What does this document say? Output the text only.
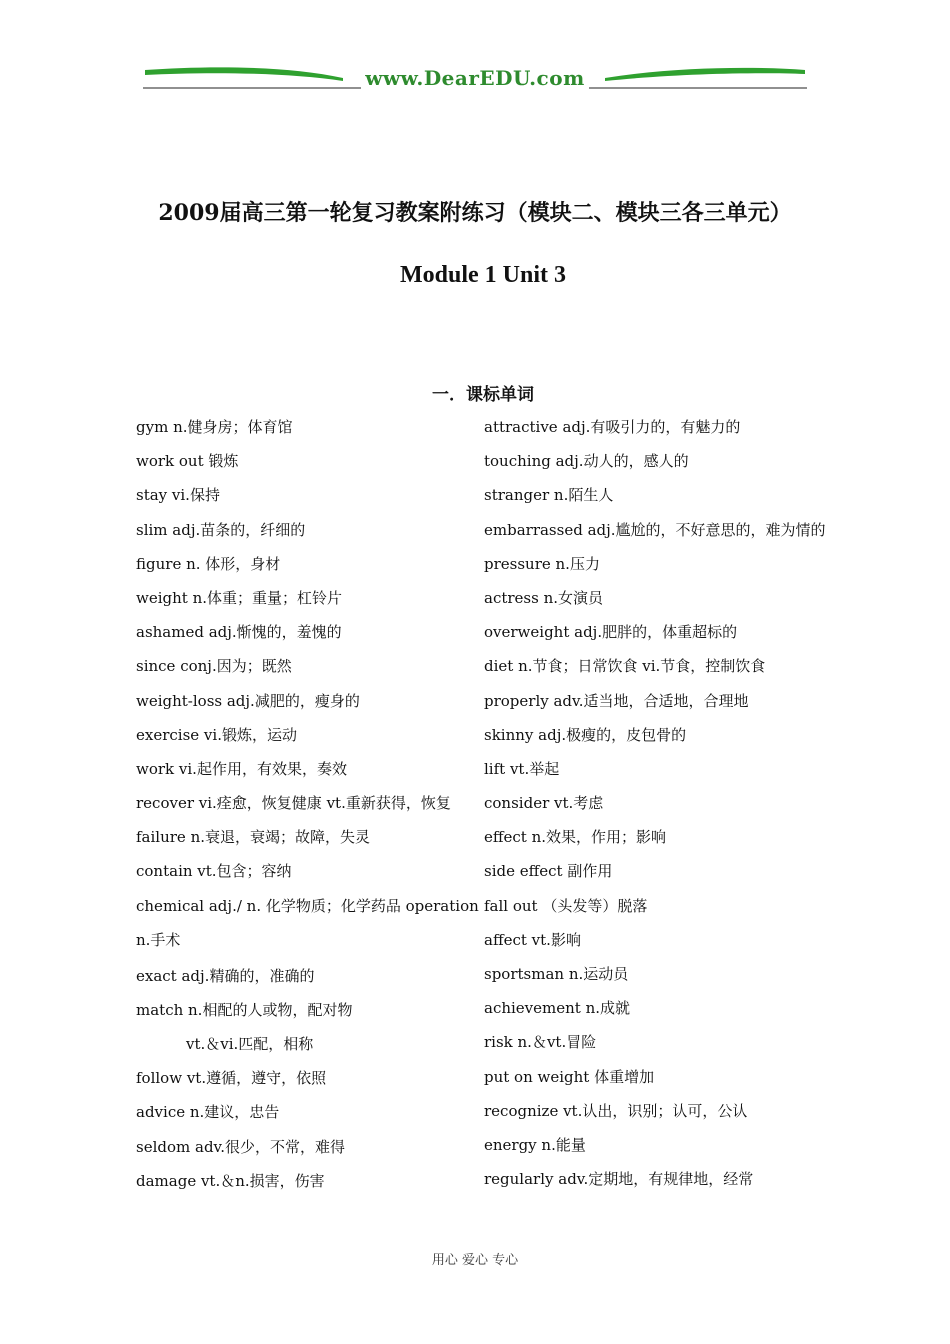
www.DearEDU.com
2009届高三第一轮复习教案附练习（模块二、模块三各三单元）
Module 1 Unit 3
一．课标单词
gym n.健身房；体育馆
work out 锻炼
stay vi.保持
slim adj.苗条的，纤细的
figure n. 体形，身材
weight n.体重；重量；杠铃片
ashamed adj.惭愧的，羞愧的
since conj.因为；既然
weight-loss adj.减肥的，瘦身的
exercise vi.锻炼，运动
work vi.起作用，有效果，奏效
recover vi.痊愈，恢复健康 vt.重新获得，恢复
failure n.衰退，衰竭；故障，失灵
contain vt.包含；容纳
chemical adj./ n. 化学物质；化学药品 operation n.手术
exact adj.精确的，准确的
match n.相配的人或物，配对物
vt.＆vi.匹配，相称
follow vt.遵循，遵守，依照
advice n.建议，忠告
seldom adv.很少，不常，难得
damage vt.＆n.损害，伤害
attractive adj.有吸引力的，有魅力的
touching adj.动人的，感人的
stranger n.陌生人
embarrassed adj.尴尬的，不好意思的，难为情的
pressure n.压力
actress n.女演员
overweight adj.肥胖的，体重超标的
diet n.节食；日常饮食 vi.节食，控制饮食
properly adv.适当地，合适地，合理地
skinny adj.极瘦的，皮包骨的
lift vt.举起
consider vt.考虑
effect n.效果，作用；影响
side effect 副作用
fall out （头发等）脱落
affect vt.影响
sportsman n.运动员
achievement n.成就
risk n.＆vt.冒险
put on weight 体重增加
recognize vt.认出，识别；认可，公认
energy n.能量
regularly adv.定期地，有规律地，经常
用心 爱心 专心
